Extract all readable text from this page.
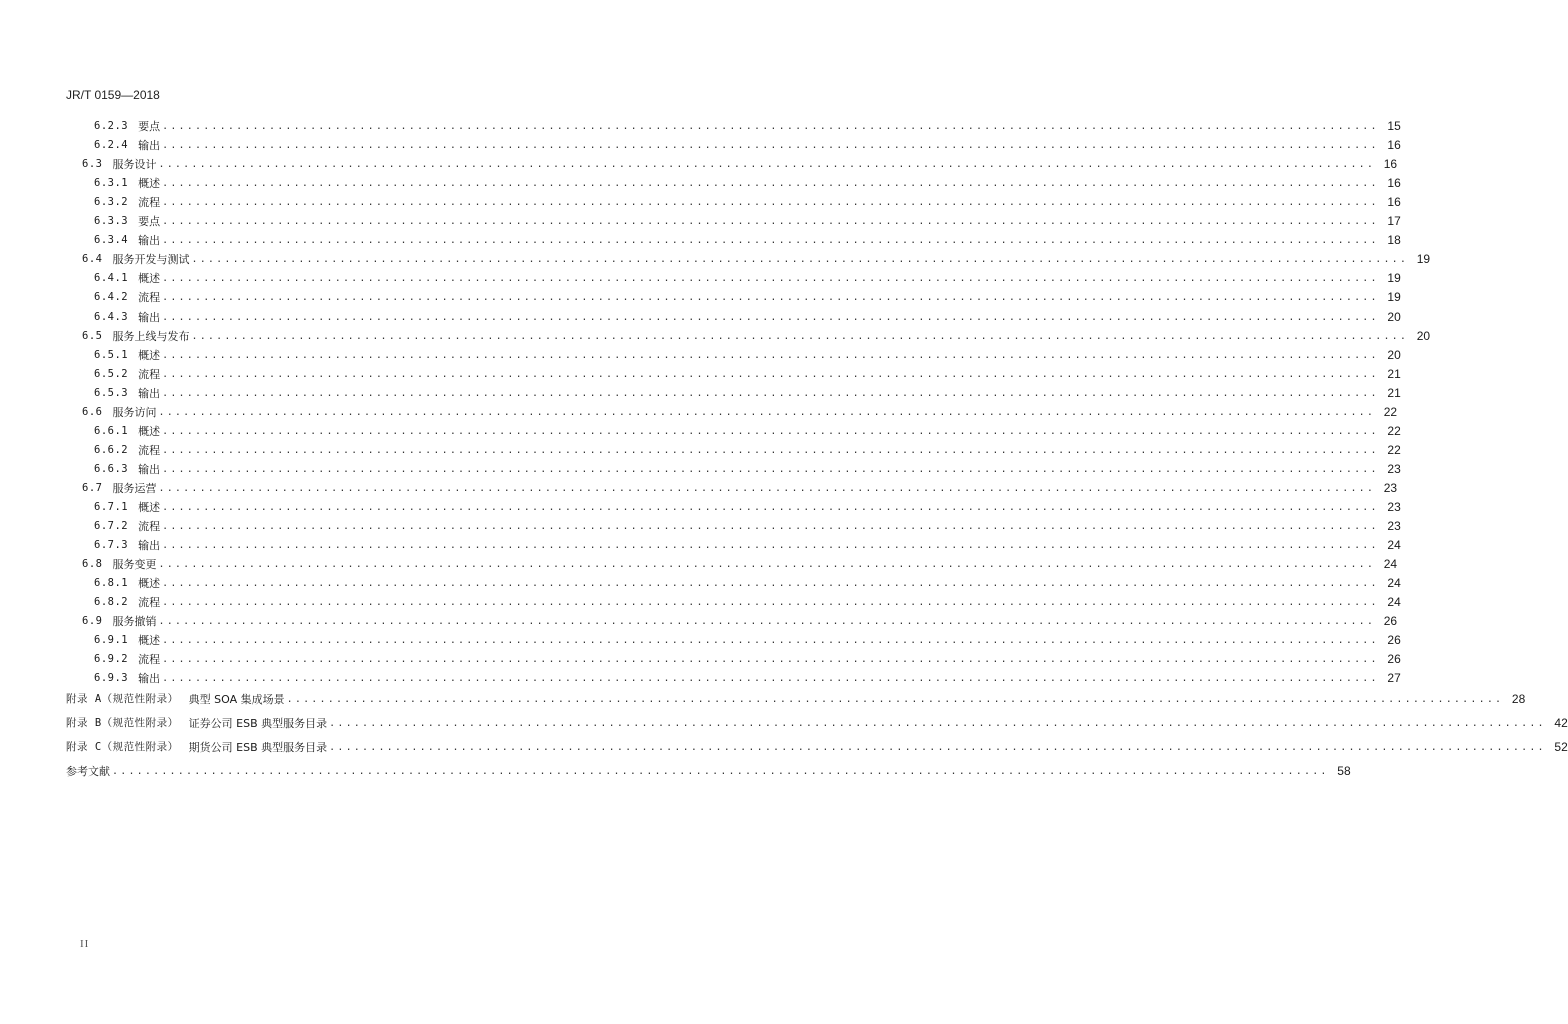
JR/T 0159—2018
6.2.3 要点 .................................................................................................................................................... 15
6.2.4 输出 .................................................................................................................................................... 16
6.3 服务设计 .................................................................................................................................................... 16
6.3.1 概述 .................................................................................................................................................... 16
6.3.2 流程 .................................................................................................................................................... 16
6.3.3 要点 .................................................................................................................................................... 17
6.3.4 输出 .................................................................................................................................................... 18
6.4 服务开发与测试 .................................................................................................................................................... 19
6.4.1 概述 .................................................................................................................................................... 19
6.4.2 流程 .................................................................................................................................................... 19
6.4.3 输出 .................................................................................................................................................... 20
6.5 服务上线与发布 .................................................................................................................................................... 20
6.5.1 概述 .................................................................................................................................................... 20
6.5.2 流程 .................................................................................................................................................... 21
6.5.3 输出 .................................................................................................................................................... 21
6.6 服务访问 .................................................................................................................................................... 22
6.6.1 概述 .................................................................................................................................................... 22
6.6.2 流程 .................................................................................................................................................... 22
6.6.3 输出 .................................................................................................................................................... 23
6.7 服务运营 .................................................................................................................................................... 23
6.7.1 概述 .................................................................................................................................................... 23
6.7.2 流程 .................................................................................................................................................... 23
6.7.3 输出 .................................................................................................................................................... 24
6.8 服务变更 .................................................................................................................................................... 24
6.8.1 概述 .................................................................................................................................................... 24
6.8.2 流程 .................................................................................................................................................... 24
6.9 服务撤销 .................................................................................................................................................... 26
6.9.1 概述 .................................................................................................................................................... 26
6.9.2 流程 .................................................................................................................................................... 26
6.9.3 输出 .................................................................................................................................................... 27
附录 A（规范性附录） 典型 SOA 集成场景 .................................................................................................................................................... 28
附录 B（规范性附录） 证券公司 ESB 典型服务目录 .................................................................................................................................................... 42
附录 C（规范性附录） 期货公司 ESB 典型服务目录 .................................................................................................................................................... 52
参考文献 .................................................................................................................................................... 58
II
